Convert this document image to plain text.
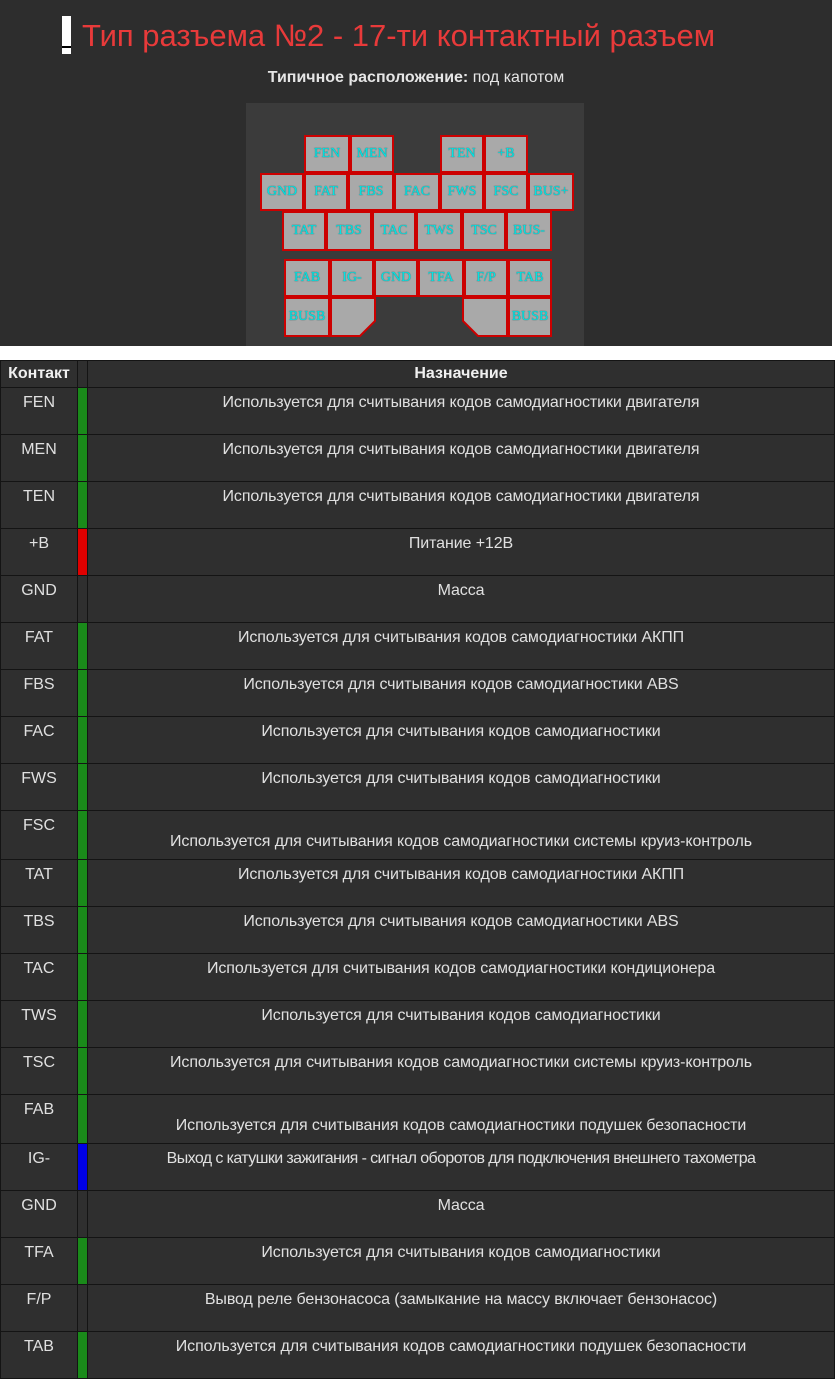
Тип разъема №2 - 17-ти контактный разъем
Типичное расположение: под капотом
FEN	MEN	TEN	+B
GND	FAT	FBS	FAC	FWS	FSC	BUS+
TAT	TBS	TAC	TWS	TSC	BUS-
FAB	IG-	GND	TFA	F/P	TAB
BUSB	BUSB
Контакт		Назначение
FEN		Используется для считывания кодов самодиагностики двигателя
MEN		Используется для считывания кодов самодиагностики двигателя
TEN		Используется для считывания кодов самодиагностики двигателя
+B		Питание +12В
GND		Масса
FAT		Используется для считывания кодов самодиагностики АКПП
FBS		Используется для считывания кодов самодиагностики ABS
FAC		Используется для считывания кодов самодиагностики
FWS		Используется для считывания кодов самодиагностики
FSC		Используется для считывания кодов самодиагностики системы круиз-контроль
TAT		Используется для считывания кодов самодиагностики АКПП
TBS		Используется для считывания кодов самодиагностики ABS
TAC		Используется для считывания кодов самодиагностики кондиционера
TWS		Используется для считывания кодов самодиагностики
TSC		Используется для считывания кодов самодиагностики системы круиз-контроль
FAB		Используется для считывания кодов самодиагностики подушек безопасности
IG-		Выход с катушки зажигания - сигнал оборотов для подключения внешнего тахометра
GND		Масса
TFA		Используется для считывания кодов самодиагностики
F/P		Вывод реле бензонасоса (замыкание на массу включает бензонасос)
TAB		Используется для считывания кодов самодиагностики подушек безопасности
